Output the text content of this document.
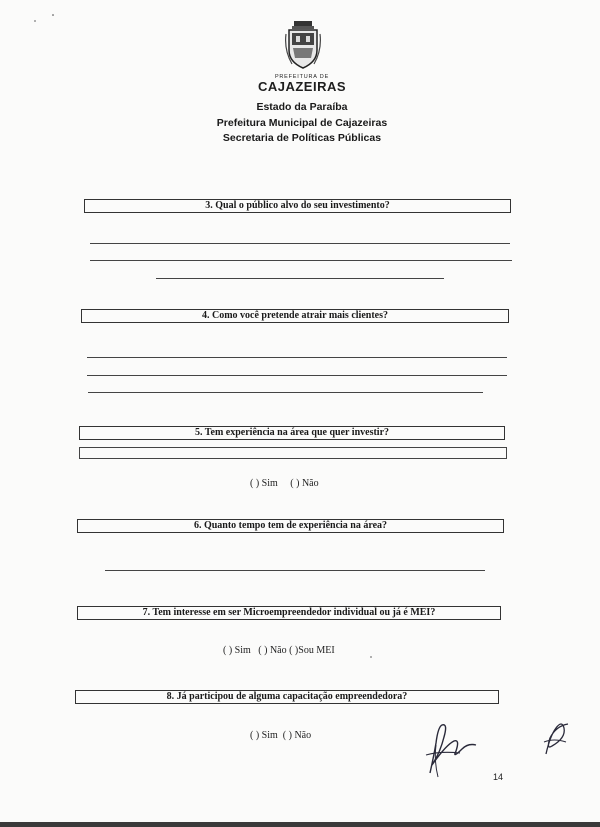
PREFEITURA DE
CAJAZEIRAS
Estado da Paraíba
Prefeitura Municipal de Cajazeiras
Secretaria de Políticas Públicas
3. Qual o público alvo do seu investimento?
4. Como você pretende atrair mais clientes?
5. Tem experiência na área que quer investir?
( ) Sim     ( ) Não
6. Quanto tempo tem de experiência na área?
7. Tem interesse em ser Microempreendedor individual ou já é MEI?
( ) Sim   ( ) Não ( )Sou MEI
8. Já participou de alguma capacitação empreendedora?
( ) Sim  ( ) Não
14
